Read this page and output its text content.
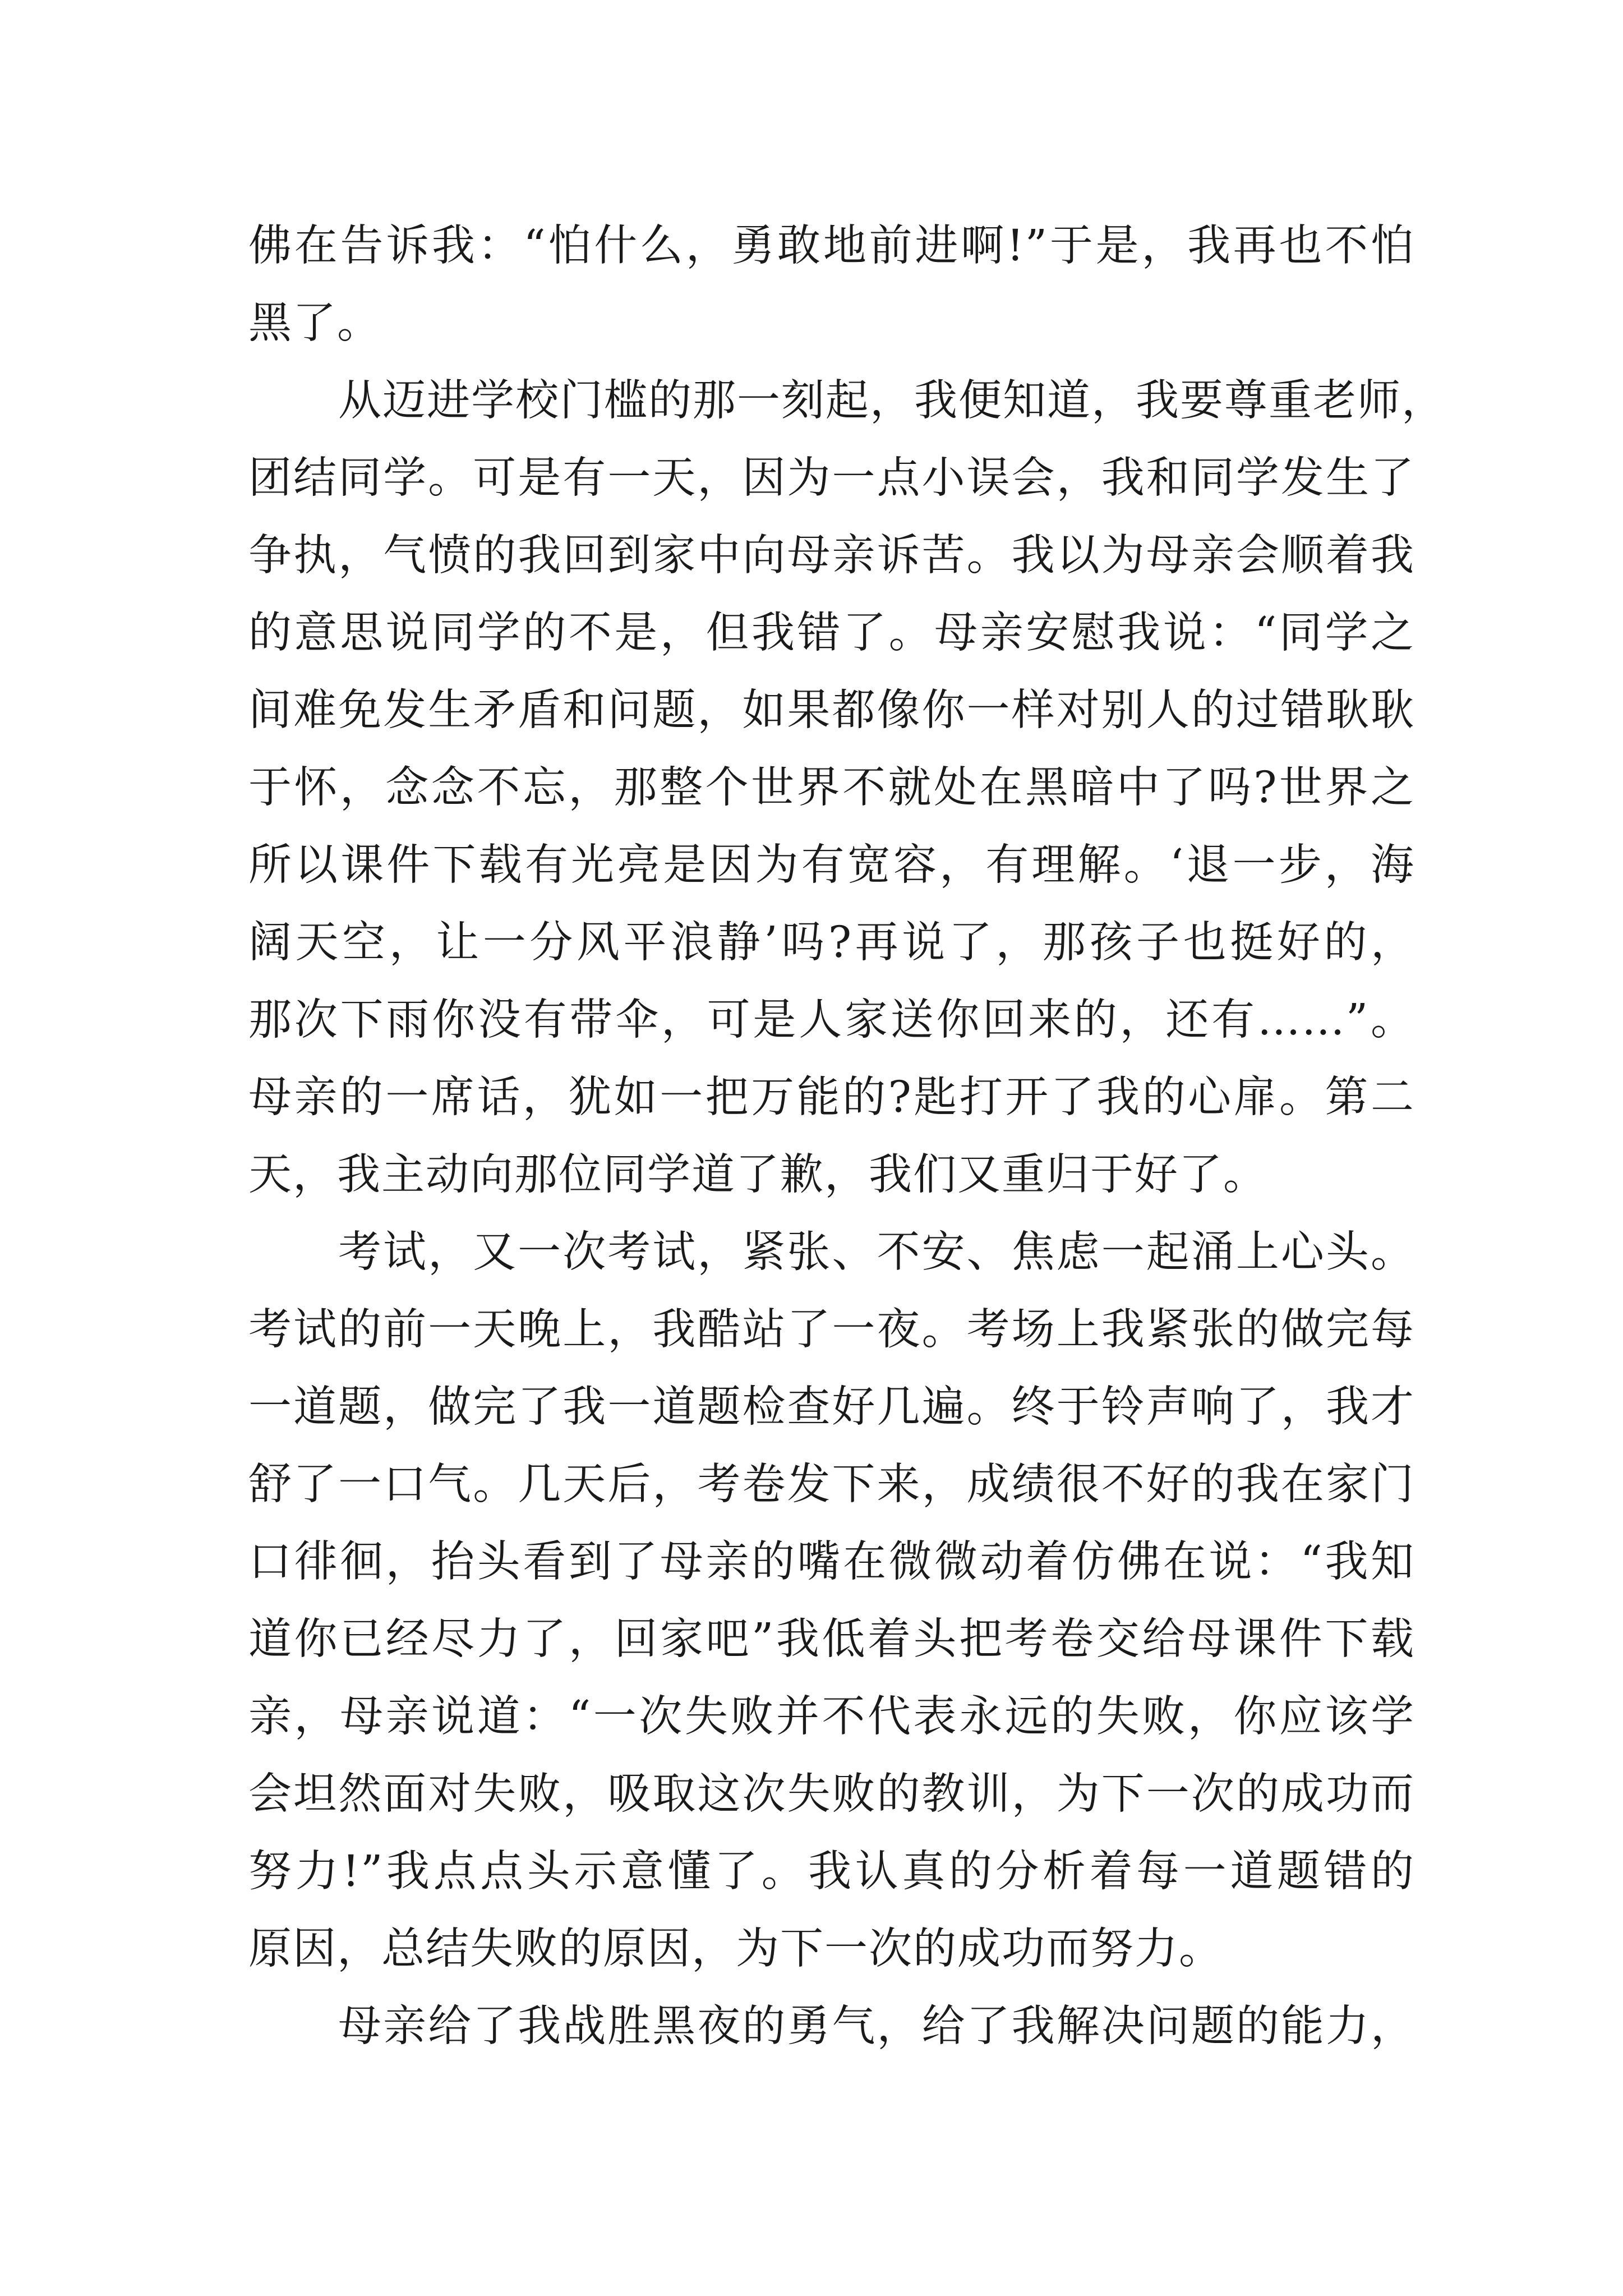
佛在告诉我：“怕什么，勇敢地前进啊!”于是，我再也不怕
黑了。
从迈进学校门槛的那一刻起，我便知道，我要尊重老师，
团结同学。可是有一天，因为一点小误会，我和同学发生了
争执，气愤的我回到家中向母亲诉苦。我以为母亲会顺着我
的意思说同学的不是，但我错了。母亲安慰我说：“同学之
间难免发生矛盾和问题，如果都像你一样对别人的过错耿耿
于怀，念念不忘，那整个世界不就处在黑暗中了吗?世界之
所以课件下载有光亮是因为有宽容，有理解。‘退一步，海
阔天空，让一分风平浪静’吗?再说了，那孩子也挺好的，
那次下雨你没有带伞，可是人家送你回来的，还有……”。
母亲的一席话，犹如一把万能的?匙打开了我的心扉。第二
天，我主动向那位同学道了歉，我们又重归于好了。
考试，又一次考试，紧张、不安、焦虑一起涌上心头。
考试的前一天晚上，我酷站了一夜。考场上我紧张的做完每
一道题，做完了我一道题检查好几遍。终于铃声响了，我才
舒了一口气。几天后，考卷发下来，成绩很不好的我在家门
口徘徊，抬头看到了母亲的嘴在微微动着仿佛在说：“我知
道你已经尽力了，回家吧”我低着头把考卷交给母课件下载
亲，母亲说道：“一次失败并不代表永远的失败，你应该学
会坦然面对失败，吸取这次失败的教训，为下一次的成功而
努力!”我点点头示意懂了。我认真的分析着每一道题错的
原因，总结失败的原因，为下一次的成功而努力。
母亲给了我战胜黑夜的勇气，给了我解决问题的能力，
